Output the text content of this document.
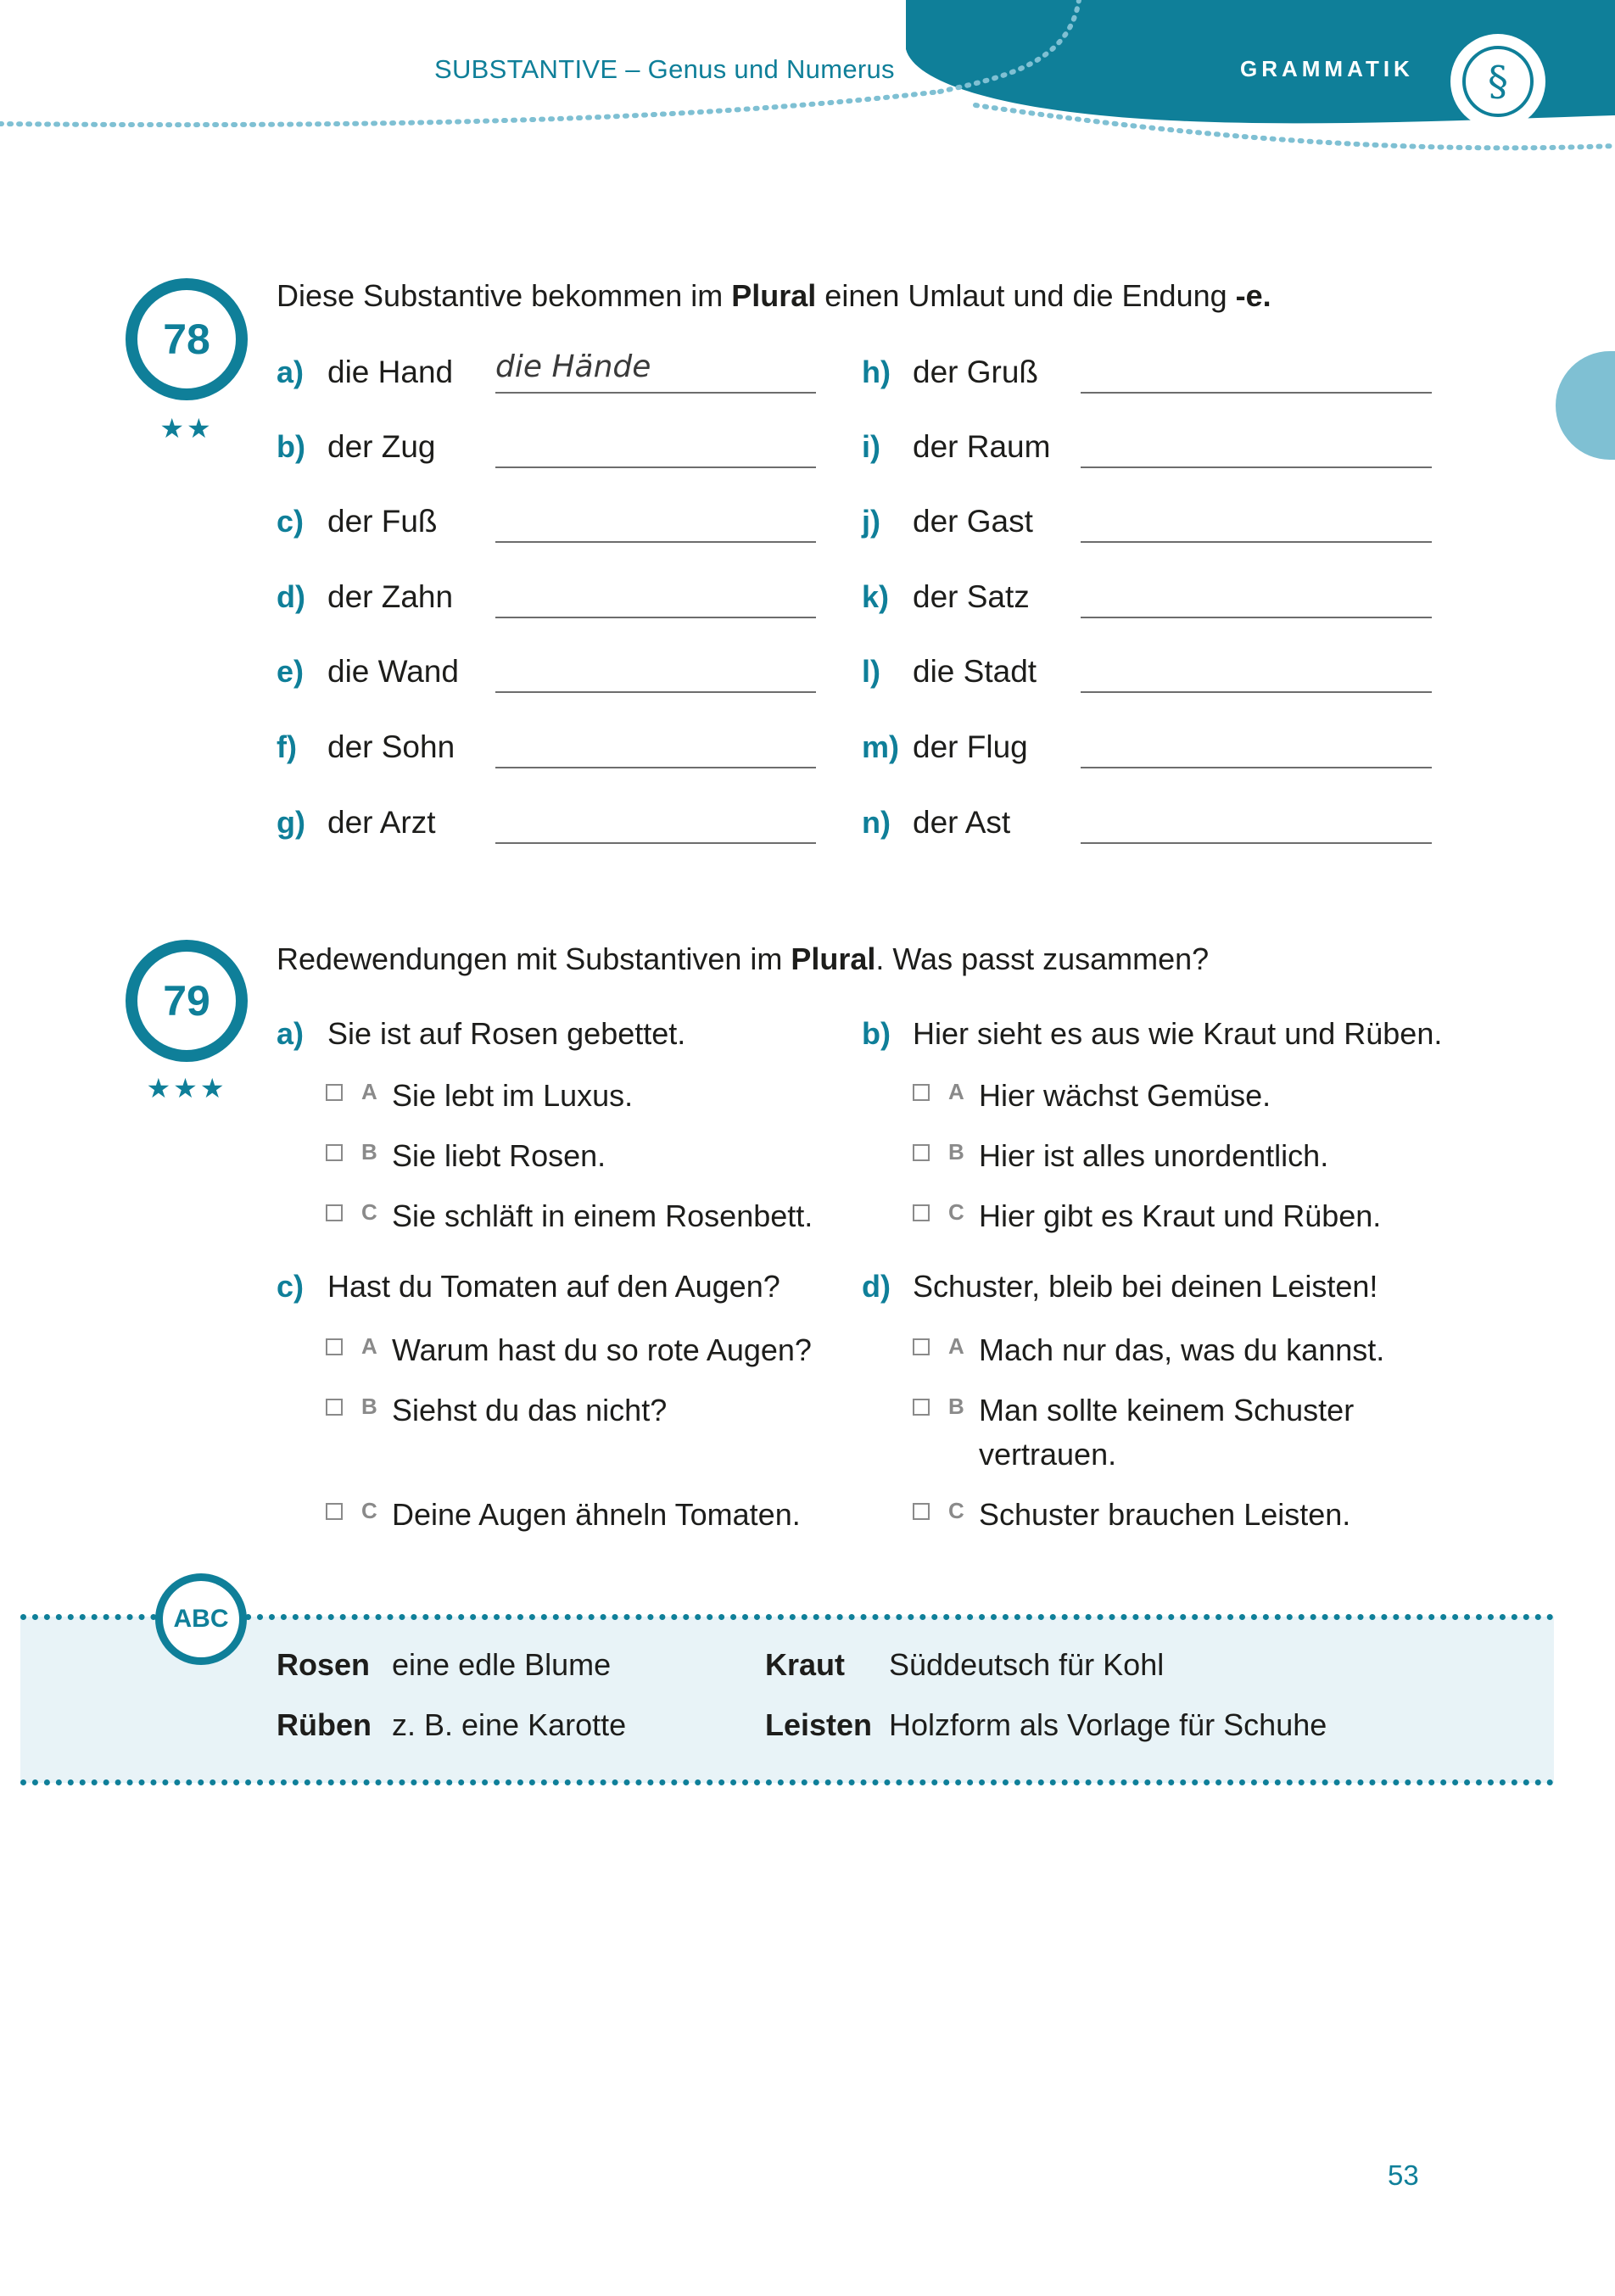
SUBSTANTIVE – Genus und Numerus	GRAMMATIK	§
78
★★
Diese Substantive bekommen im Plural einen Umlaut und die Endung -e.
a) die Hand die Hände
b) der Zug
c) der Fuß
d) der Zahn
e) die Wand
f) der Sohn
g) der Arzt
h) der Gruß
i) der Raum
j) der Gast
k) der Satz
l) die Stadt
m) der Flug
n) der Ast
79
★★★
Redewendungen mit Substantiven im Plural. Was passt zusammen?
a) Sie ist auf Rosen gebettet.
A Sie lebt im Luxus.
B Sie liebt Rosen.
C Sie schläft in einem Rosenbett.
b) Hier sieht es aus wie Kraut und Rüben.
A Hier wächst Gemüse.
B Hier ist alles unordentlich.
C Hier gibt es Kraut und Rüben.
c) Hast du Tomaten auf den Augen?
A Warum hast du so rote Augen?
B Siehst du das nicht?
C Deine Augen ähneln Tomaten.
d) Schuster, bleib bei deinen Leisten!
A Mach nur das, was du kannst.
B Man sollte keinem Schuster vertrauen.
C Schuster brauchen Leisten.
ABC
Rosen eine edle Blume	Kraut Süddeutsch für Kohl
Rüben z. B. eine Karotte	Leisten Holzform als Vorlage für Schuhe
53
